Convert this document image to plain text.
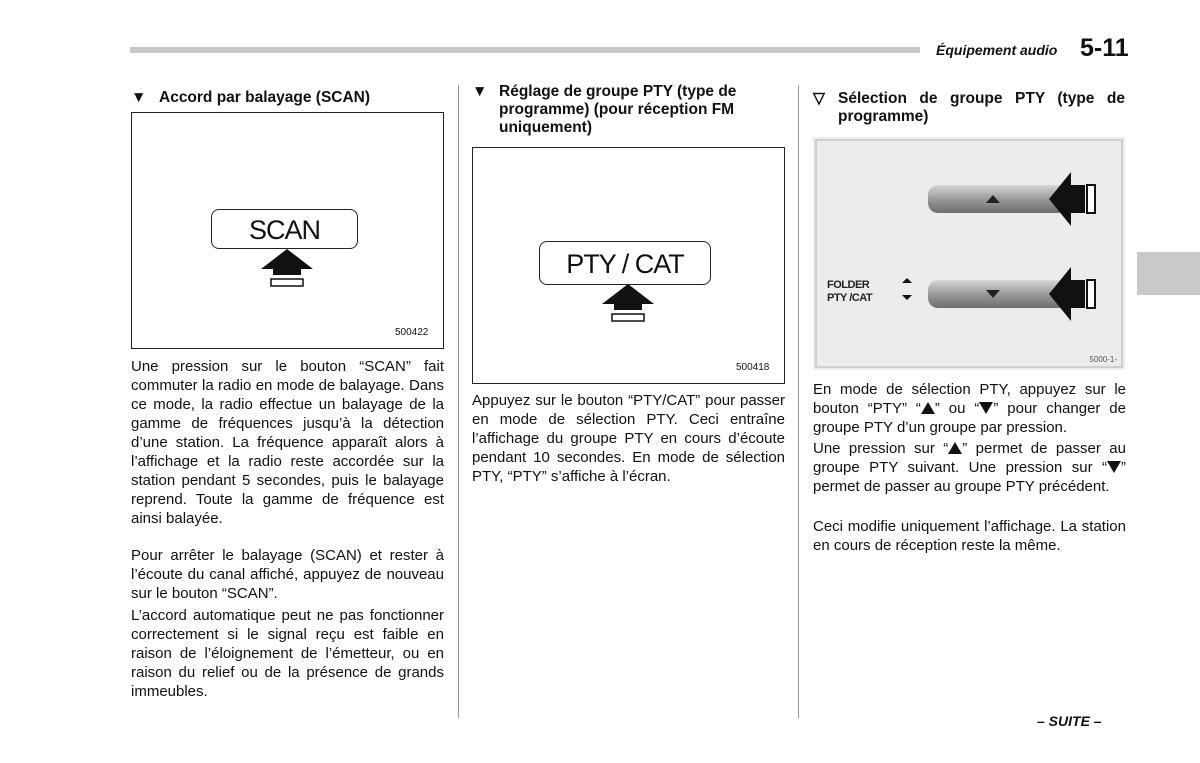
Équipement audio 5-11
▼ Accord par balayage (SCAN)
SCAN
500422

Une pression sur le bouton “SCAN” fait commuter la radio en mode de balayage. Dans ce mode, la radio effectue un balayage de la gamme de fréquences jusqu’à la détection d’une station. La fréquence apparaît alors à l’affichage et la radio reste accordée sur la station pendant 5 secondes, puis le balayage reprend. Toute la gamme de fréquence est ainsi balayée.

Pour arrêter le balayage (SCAN) et rester à l’écoute du canal affiché, appuyez de nouveau sur le bouton “SCAN”.

L’accord automatique peut ne pas fonctionner correctement si le signal reçu est faible en raison de l’éloignement de l’émetteur, ou en raison du relief ou de la présence de grands immeubles.

▼ Réglage de groupe PTY (type de programme) (pour réception FM uniquement)
PTY / CAT
500418

Appuyez sur le bouton “PTY/CAT” pour passer en mode de sélection PTY. Ceci entraîne l’affichage du groupe PTY en cours d’écoute pendant 10 secondes. En mode de sélection PTY, “PTY” s’affiche à l’écran.

▽ Sélection de groupe PTY (type de programme)
FOLDER
PTY /CAT
5000-1-

En mode de sélection PTY, appuyez sur le bouton “PTY” “ ” ou “ ” pour changer de groupe PTY d’un groupe par pression.

Une pression sur “ ” permet de passer au groupe PTY suivant. Une pression sur “ ” permet de passer au groupe PTY précédent.

Ceci modifie uniquement l’affichage. La station en cours de réception reste la même.

– SUITE –
